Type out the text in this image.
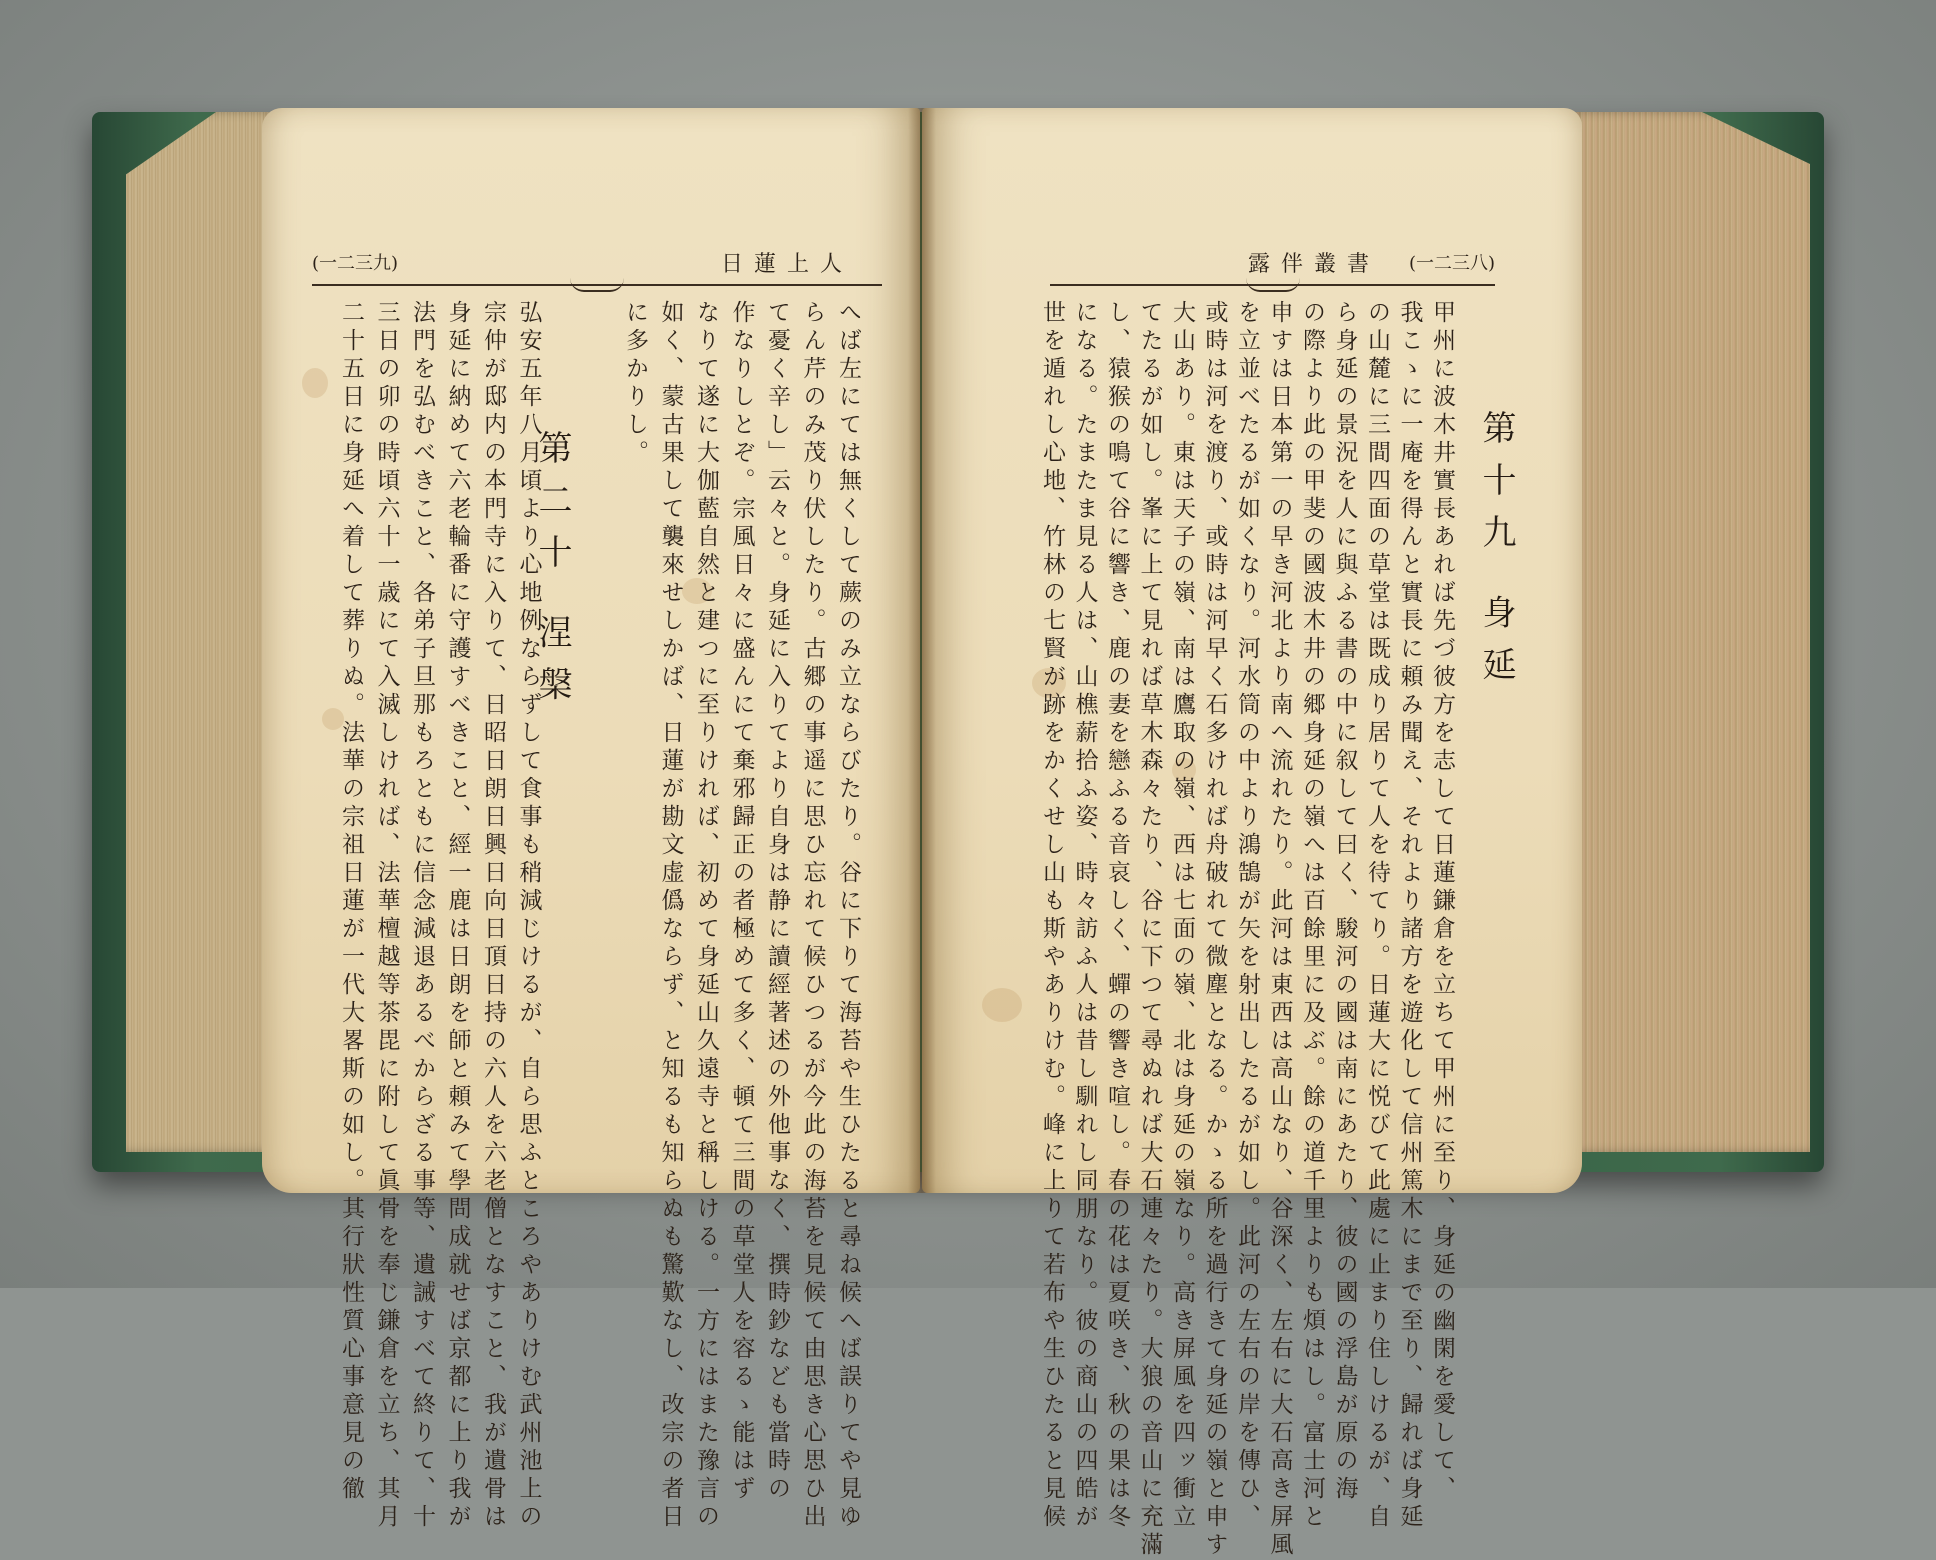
(一二三九)	日 蓮 上 人	露 伴 叢 書	(一二三八)
第十九 身延
第二十 涅槃	甲州に波木井實長あれば先づ彼方を志して日蓮鎌倉を立ちて甲州に至り、身延の幽閑を愛して、
我こゝに一庵を得んと實長に頼み聞え、それより諸方を遊化して信州篤木にまで至り、歸れば身延
の山麓に三間四面の草堂は既成り居りて人を待てり。日蓮大に悦びて此處に止まり住しけるが、自
ら身延の景況を人に與ふる書の中に叙して曰く、駿河の國は南にあたり、彼の國の浮島が原の海
の際より此の甲斐の國波木井の郷身延の嶺へは百餘里に及ぶ。餘の道千里よりも煩はし。富士河と
申すは日本第一の早き河北より南へ流れたり。此河は東西は高山なり、谷深く、左右に大石高き屏風
を立並べたるが如くなり。河水筒の中より鴻鵠が矢を射出したるが如し。此河の左右の岸を傳ひ、
或時は河を渡り、或時は河早く石多ければ舟破れて微塵となる。かゝる所を過行きて身延の嶺と申す
大山あり。東は天子の嶺、南は鷹取の嶺、西は七面の嶺、北は身延の嶺なり。高き屏風を四ッ衝立
てたるが如し。峯に上て見れば草木森々たり、谷に下つて尋ぬれば大石連々たり。大狼の音山に充滿
し、猿猴の鳴て谷に響き、鹿の妻を戀ふる音哀しく、蟬の響き喧し。春の花は夏咲き、秋の果は冬
になる。たまたま見る人は、山樵薪拾ふ姿、時々訪ふ人は昔し馴れし同朋なり。彼の商山の四皓が
世を遁れし心地、竹林の七賢が跡をかくせし山も斯やありけむ。峰に上りて若布や生ひたると見候
へば左にては無くして蕨のみ立ならびたり。谷に下りて海苔や生ひたると尋ね候へば誤りてや見ゆ
らん芹のみ茂り伏したり。古郷の事遥に思ひ忘れて候ひつるが今此の海苔を見候て由思き心思ひ出
て憂く辛し」云々と。身延に入りてより自身は静に讀經著述の外他事なく、撰時鈔なども當時の
作なりしとぞ。宗風日々に盛んにて棄邪歸正の者極めて多く、頓て三間の草堂人を容るゝ能はず
なりて遂に大伽藍自然と建つに至りければ、初めて身延山久遠寺と稱しける。一方にはまた豫言の
如く、蒙古果して襲來せしかば、日蓮が勘文虚僞ならず、と知るも知らぬも驚歎なし、改宗の者日
に多かりし。
弘安五年八月頃より心地例ならずして食事も稍減じけるが、自ら思ふところやありけむ武州池上の
宗仲が邸内の本門寺に入りて、日昭日朗日興日向日頂日持の六人を六老僧となすこと、我が遺骨は
身延に納めて六老輪番に守護すべきこと、經一鹿は日朗を師と頼みて學問成就せば京都に上り我が
法門を弘むべきこと、各弟子旦那もろともに信念減退あるべからざる事等、遺誡すべて終りて、十
三日の卯の時頃六十一歳にて入滅しければ、法華檀越等茶毘に附して眞骨を奉じ鎌倉を立ち、其月
二十五日に身延へ着して葬りぬ。法華の宗祖日蓮が一代大畧斯の如し。其行狀性質心事意見の徹
